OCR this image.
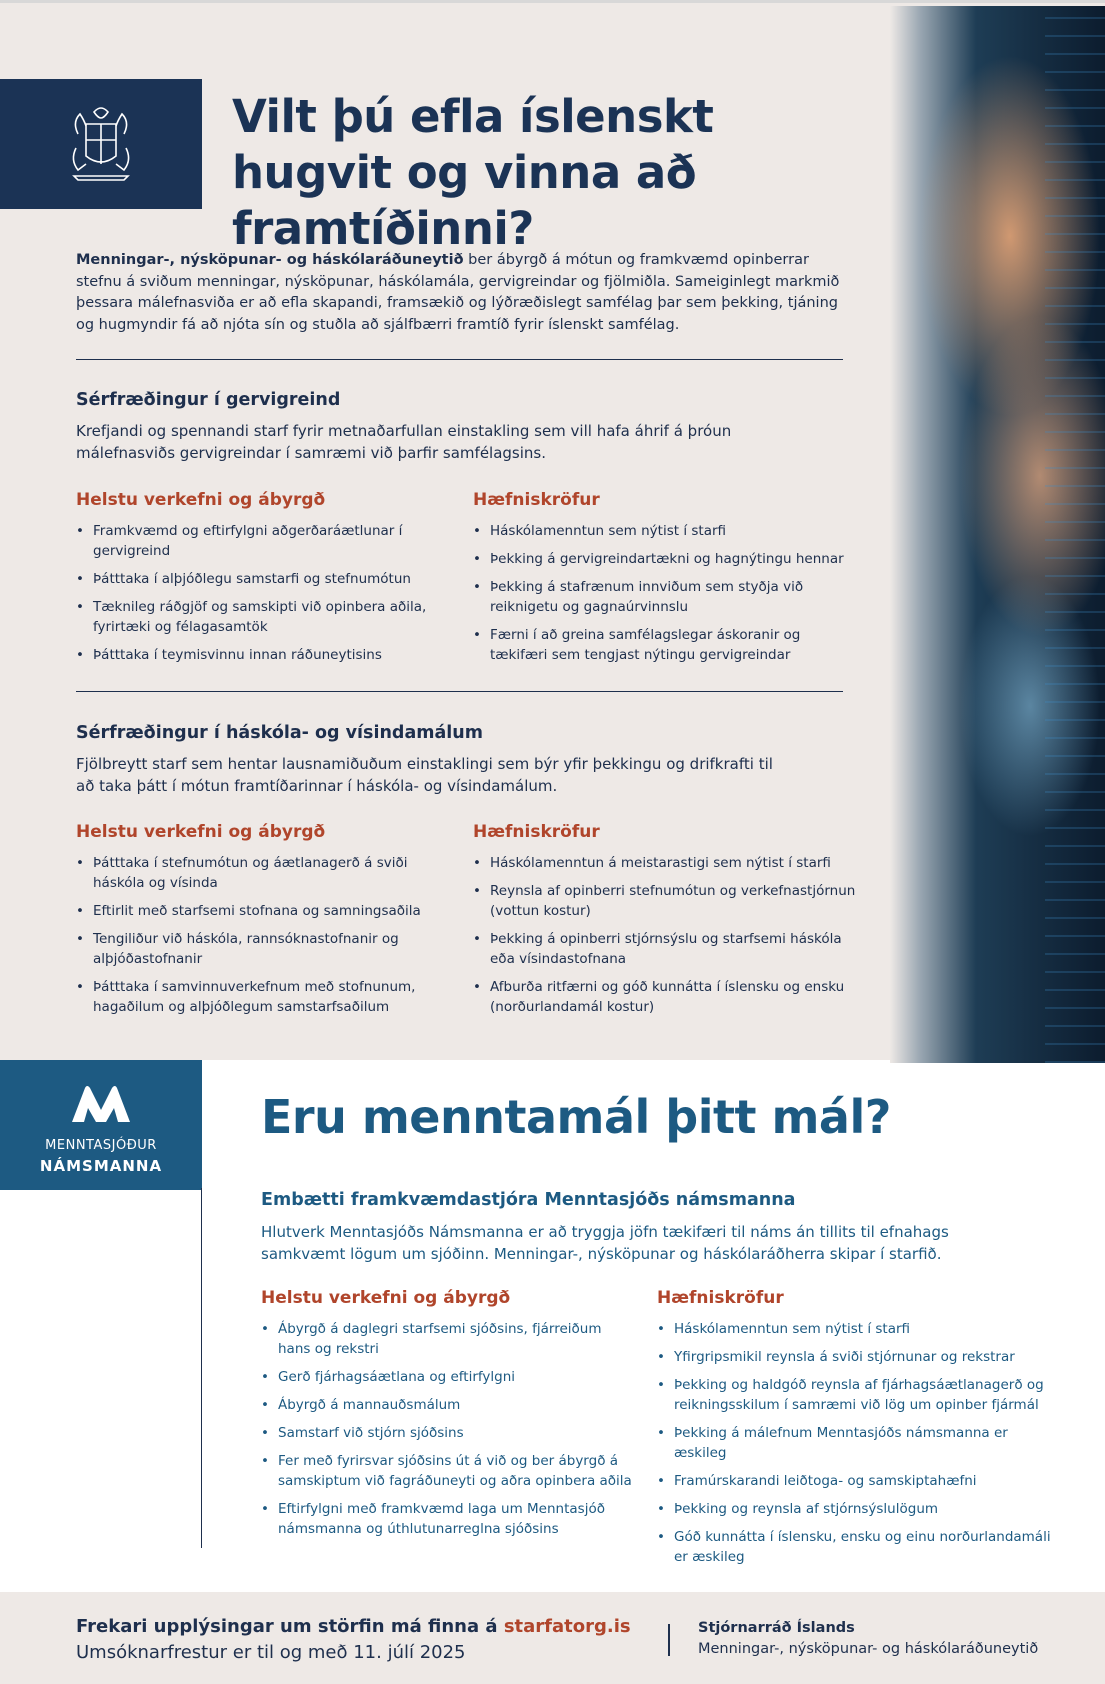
Vilt þú efla íslenskt hugvit og vinna að framtíðinni?

Menningar-, nýsköpunar- og háskólaráðuneytið ber ábyrgð á mótun og framkvæmd opinberrar stefnu á sviðum menningar, nýsköpunar, háskólamála, gervigreindar og fjölmiðla. Sameiginlegt markmið þessara málefnasviða er að efla skapandi, framsækið og lýðræðislegt samfélag þar sem þekking, tjáning og hugmyndir fá að njóta sín og stuðla að sjálfbærri framtíð fyrir íslenskt samfélag.

Sérfræðingur í gervigreind

Krefjandi og spennandi starf fyrir metnaðarfullan einstakling sem vill hafa áhrif á þróun málefnasviðs gervigreindar í samræmi við þarfir samfélagsins.

Helstu verkefni og ábyrgð
• Framkvæmd og eftirfylgni aðgerðaráætlunar í gervigreind
• Þátttaka í alþjóðlegu samstarfi og stefnumótun
• Tæknileg ráðgjöf og samskipti við opinbera aðila, fyrirtæki og félagasamtök
• Þátttaka í teymisvinnu innan ráðuneytisins
Hæfniskröfur
• Háskólamenntun sem nýtist í starfi
• Þekking á gervigreindartækni og hagnýtingu hennar
• Þekking á stafrænum innviðum sem styðja við reiknigetu og gagnaúrvinnslu
• Færni í að greina samfélagslegar áskoranir og tækifæri sem tengjast nýtingu gervigreindar
Sérfræðingur í háskóla- og vísindamálum

Fjölbreytt starf sem hentar lausnamiðuðum einstaklingi sem býr yfir þekkingu og drifkrafti til að taka þátt í mótun framtíðarinnar í háskóla- og vísindamálum.

Helstu verkefni og ábyrgð
• Þátttaka í stefnumótun og áætlanagerð á sviði háskóla og vísinda
• Eftirlit með starfsemi stofnana og samningsaðila
• Tengiliður við háskóla, rannsóknastofnanir og alþjóðastofnanir
• Þátttaka í samvinnuverkefnum með stofnunum, hagaðilum og alþjóðlegum samstarfsaðilum
Hæfniskröfur
• Háskólamenntun á meistarastigi sem nýtist í starfi
• Reynsla af opinberri stefnumótun og verkefnastjórnun (vottun kostur)
• Þekking á opinberri stjórnsýslu og starfsemi háskóla eða vísindastofnana
• Afburða ritfærni og góð kunnátta í íslensku og ensku (norðurlandamál kostur)
MENNTASJÓÐUR
NÁMSMANNA
Eru menntamál þitt mál?
Embætti framkvæmdastjóra Menntasjóðs námsmanna

Hlutverk Menntasjóðs Námsmanna er að tryggja jöfn tækifæri til náms án tillits til efnahags samkvæmt lögum um sjóðinn. Menningar-, nýsköpunar og háskólaráðherra skipar í starfið.

Helstu verkefni og ábyrgð
• Ábyrgð á daglegri starfsemi sjóðsins, fjárreiðum hans og rekstri
• Gerð fjárhagsáætlana og eftirfylgni
• Ábyrgð á mannauðsmálum
• Samstarf við stjórn sjóðsins
• Fer með fyrirsvar sjóðsins út á við og ber ábyrgð á samskiptum við fagráðuneyti og aðra opinbera aðila
• Eftirfylgni með framkvæmd laga um Menntasjóð námsmanna og úthlutunarreglna sjóðsins
Hæfniskröfur
• Háskólamenntun sem nýtist í starfi
• Yfirgripsmikil reynsla á sviði stjórnunar og rekstrar
• Þekking og haldgóð reynsla af fjárhagsáætlanagerð og reikningsskilum í samræmi við lög um opinber fjármál
• Þekking á málefnum Menntasjóðs námsmanna er æskileg
• Framúrskarandi leiðtoga- og samskiptahæfni
• Þekking og reynsla af stjórnsýslulögum
• Góð kunnátta í íslensku, ensku og einu norðurlandamáli er æskileg

Frekari upplýsingar um störfin má finna á starfatorg.is

Umsóknarfrestur er til og með 11. júlí 2025

Stjórnarráð Íslands

Menningar-, nýsköpunar- og háskólaráðuneytið
